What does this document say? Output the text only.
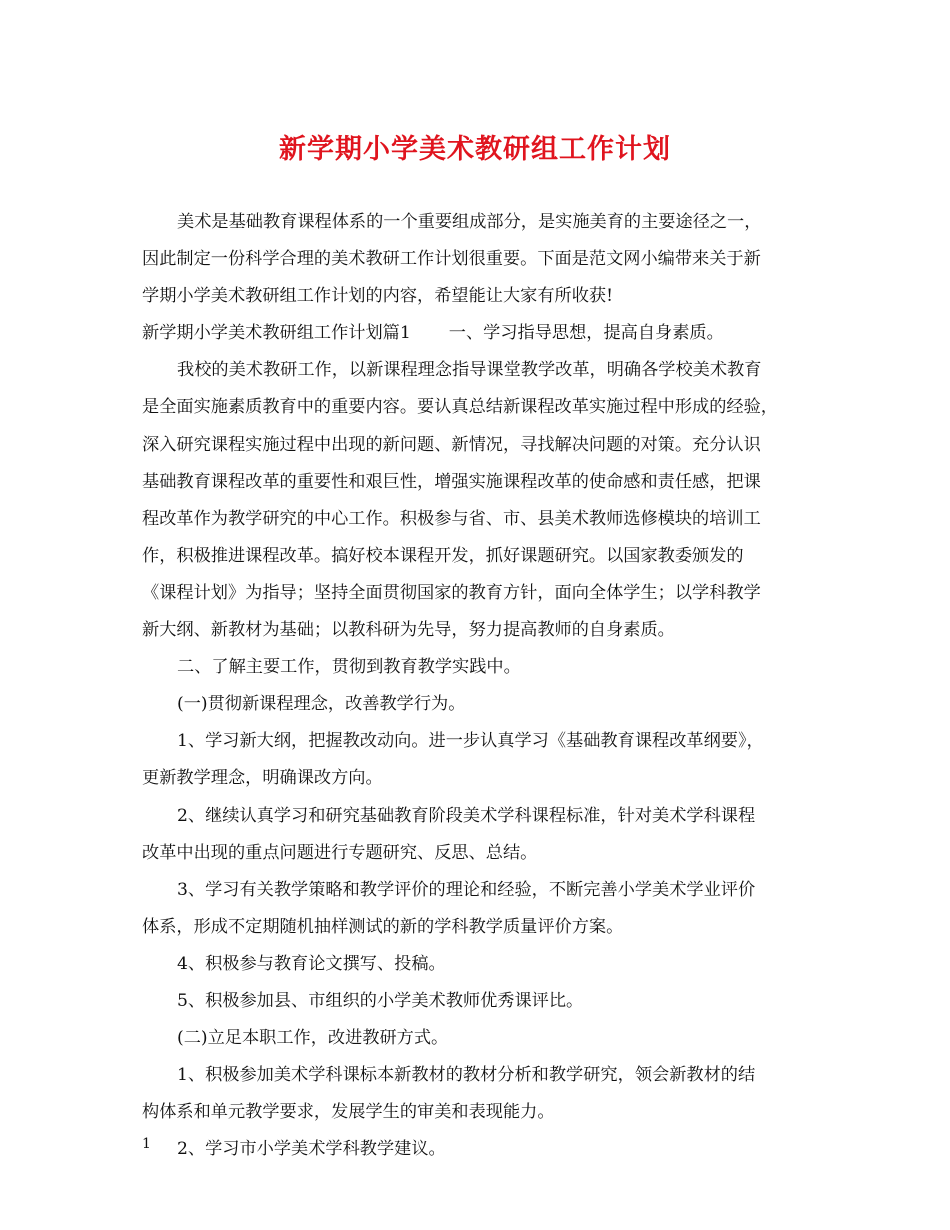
新学期小学美术教研组工作计划

美术是基础教育课程体系的一个重要组成部分，是实施美育的主要途径之一，

因此制定一份科学合理的美术教研工作计划很重要。下面是范文网小编带来关于新

学期小学美术教研组工作计划的内容，希望能让大家有所收获!

新学期小学美术教研组工作计划篇1 一、学习指导思想，提高自身素质。

我校的美术教研工作，以新课程理念指导课堂教学改革，明确各学校美术教育

是全面实施素质教育中的重要内容。要认真总结新课程改革实施过程中形成的经验，

深入研究课程实施过程中出现的新问题、新情况，寻找解决问题的对策。充分认识

基础教育课程改革的重要性和艰巨性，增强实施课程改革的使命感和责任感，把课

程改革作为教学研究的中心工作。积极参与省、市、县美术教师选修模块的培训工

作，积极推进课程改革。搞好校本课程开发，抓好课题研究。以国家教委颁发的

《课程计划》为指导；坚持全面贯彻国家的教育方针，面向全体学生；以学科教学

新大纲、新教材为基础；以教科研为先导，努力提高教师的自身素质。

二、了解主要工作，贯彻到教育教学实践中。

(一)贯彻新课程理念，改善教学行为。

1、学习新大纲，把握教改动向。进一步认真学习《基础教育课程改革纲要》，

更新教学理念，明确课改方向。

2、继续认真学习和研究基础教育阶段美术学科课程标准，针对美术学科课程

改革中出现的重点问题进行专题研究、反思、总结。

3、学习有关教学策略和教学评价的理论和经验，不断完善小学美术学业评价

体系，形成不定期随机抽样测试的新的学科教学质量评价方案。

4、积极参与教育论文撰写、投稿。

5、积极参加县、市组织的小学美术教师优秀课评比。

(二)立足本职工作，改进教研方式。

1、积极参加美术学科课标本新教材的教材分析和教学研究，领会新教材的结

构体系和单元教学要求，发展学生的审美和表现能力。

2、学习市小学美术学科教学建议。

1
